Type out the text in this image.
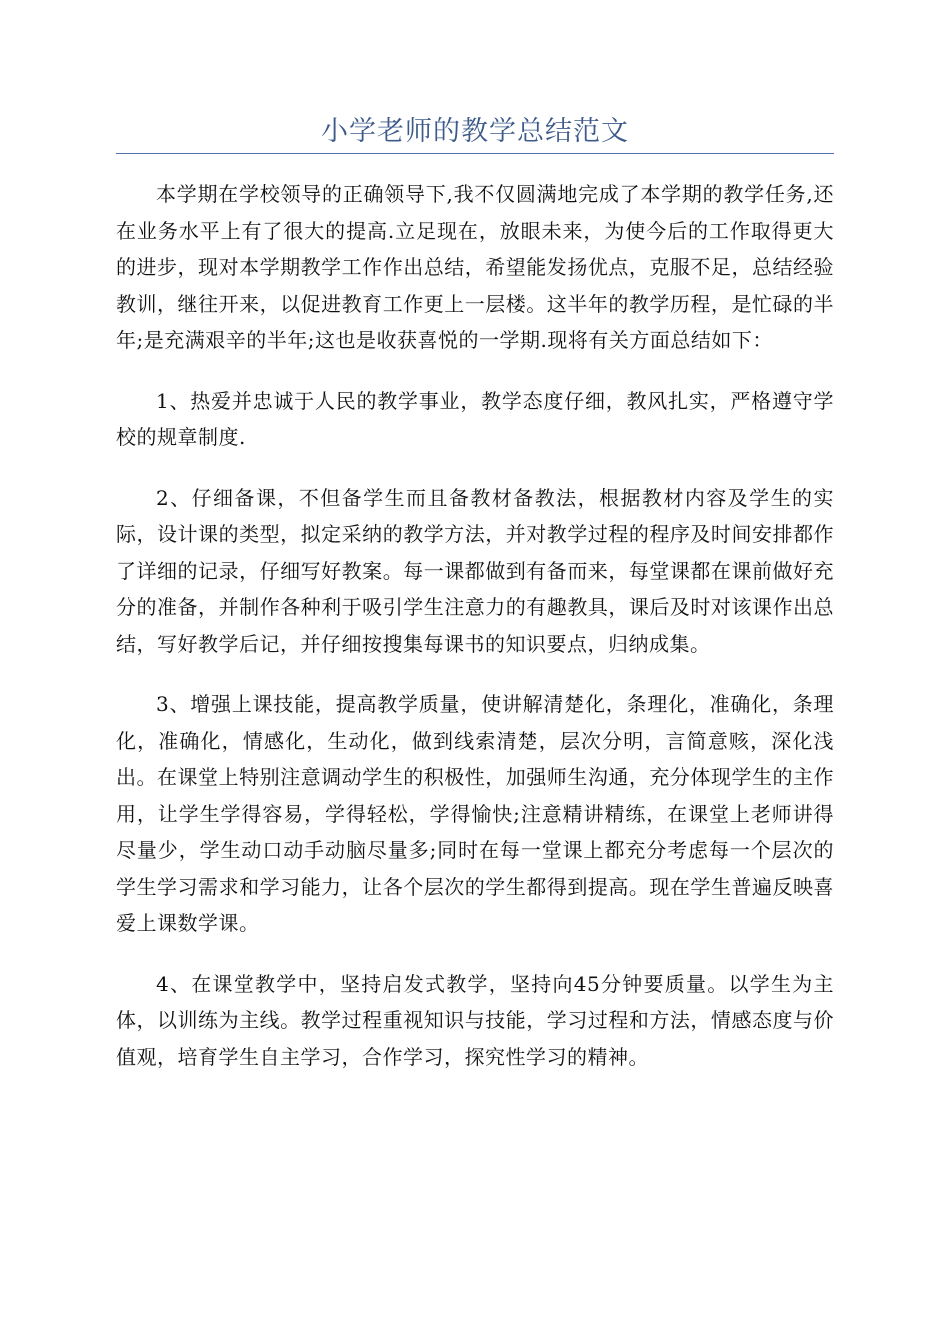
小学老师的教学总结范文

本学期在学校领导的正确领导下,我不仅圆满地完成了本学期的教学任务,还在业务水平上有了很大的提高.立足现在，放眼未来，为使今后的工作取得更大的进步，现对本学期教学工作作出总结，希望能发扬优点，克服不足，总结经验教训，继往开来，以促进教育工作更上一层楼。这半年的教学历程，是忙碌的半年;是充满艰辛的半年;这也是收获喜悦的一学期.现将有关方面总结如下：

1、热爱并忠诚于人民的教学事业，教学态度仔细，教风扎实，严格遵守学校的规章制度.

2、仔细备课，不但备学生而且备教材备教法，根据教材内容及学生的实际，设计课的类型，拟定采纳的教学方法，并对教学过程的程序及时间安排都作了详细的记录，仔细写好教案。每一课都做到有备而来，每堂课都在课前做好充分的准备，并制作各种利于吸引学生注意力的有趣教具，课后及时对该课作出总结，写好教学后记，并仔细按搜集每课书的知识要点，归纳成集。

3、增强上课技能，提高教学质量，使讲解清楚化，条理化，准确化，条理化，准确化，情感化，生动化，做到线索清楚，层次分明，言简意赅，深化浅出。在课堂上特别注意调动学生的积极性，加强师生沟通，充分体现学生的主作用，让学生学得容易，学得轻松，学得愉快;注意精讲精练，在课堂上老师讲得尽量少，学生动口动手动脑尽量多;同时在每一堂课上都充分考虑每一个层次的学生学习需求和学习能力，让各个层次的学生都得到提高。现在学生普遍反映喜爱上课数学课。

4、在课堂教学中，坚持启发式教学，坚持向45分钟要质量。以学生为主体，以训练为主线。教学过程重视知识与技能，学习过程和方法，情感态度与价值观，培育学生自主学习，合作学习，探究性学习的精神。
